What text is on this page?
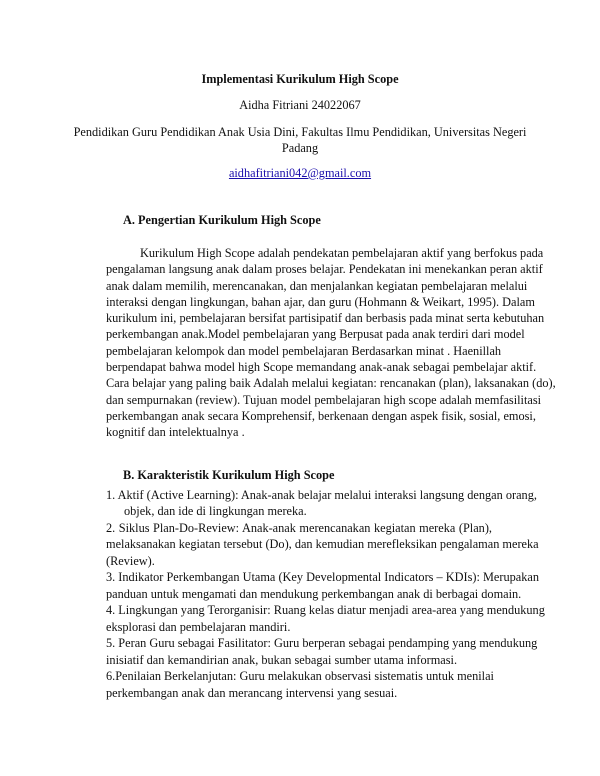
Implementasi Kurikulum High Scope
Aidha Fitriani 24022067
Pendidikan Guru Pendidikan Anak Usia Dini, Fakultas Ilmu Pendidikan, Universitas Negeri
Padang
aidhafitriani042@gmail.com
A. Pengertian Kurikulum High Scope
Kurikulum High Scope adalah pendekatan pembelajaran aktif yang berfokus pada
pengalaman langsung anak dalam proses belajar. Pendekatan ini menekankan peran aktif
anak dalam memilih, merencanakan, dan menjalankan kegiatan pembelajaran melalui
interaksi dengan lingkungan, bahan ajar, dan guru (Hohmann & Weikart, 1995). Dalam
kurikulum ini, pembelajaran bersifat partisipatif dan berbasis pada minat serta kebutuhan
perkembangan anak.Model pembelajaran yang Berpusat pada anak terdiri dari model
pembelajaran kelompok dan model pembelajaran Berdasarkan minat . Haenillah
berpendapat bahwa model high Scope memandang anak-anak sebagai pembelajar aktif.
Cara belajar yang paling baik Adalah melalui kegiatan: rencanakan (plan), laksanakan (do),
dan sempurnakan (review). Tujuan model pembelajaran high scope adalah memfasilitasi
perkembangan anak secara Komprehensif, berkenaan dengan aspek fisik, sosial, emosi,
kognitif dan intelektualnya .
B. Karakteristik Kurikulum High Scope
1. Aktif (Active Learning): Anak-anak belajar melalui interaksi langsung dengan orang,
objek, dan ide di lingkungan mereka.
2. Siklus Plan-Do-Review: Anak-anak merencanakan kegiatan mereka (Plan),
melaksanakan kegiatan tersebut (Do), dan kemudian merefleksikan pengalaman mereka
(Review).
3. Indikator Perkembangan Utama (Key Developmental Indicators – KDIs): Merupakan
panduan untuk mengamati dan mendukung perkembangan anak di berbagai domain.
4. Lingkungan yang Terorganisir: Ruang kelas diatur menjadi area-area yang mendukung
eksplorasi dan pembelajaran mandiri.
5. Peran Guru sebagai Fasilitator: Guru berperan sebagai pendamping yang mendukung
inisiatif dan kemandirian anak, bukan sebagai sumber utama informasi.
6.Penilaian Berkelanjutan: Guru melakukan observasi sistematis untuk menilai
perkembangan anak dan merancang intervensi yang sesuai.
